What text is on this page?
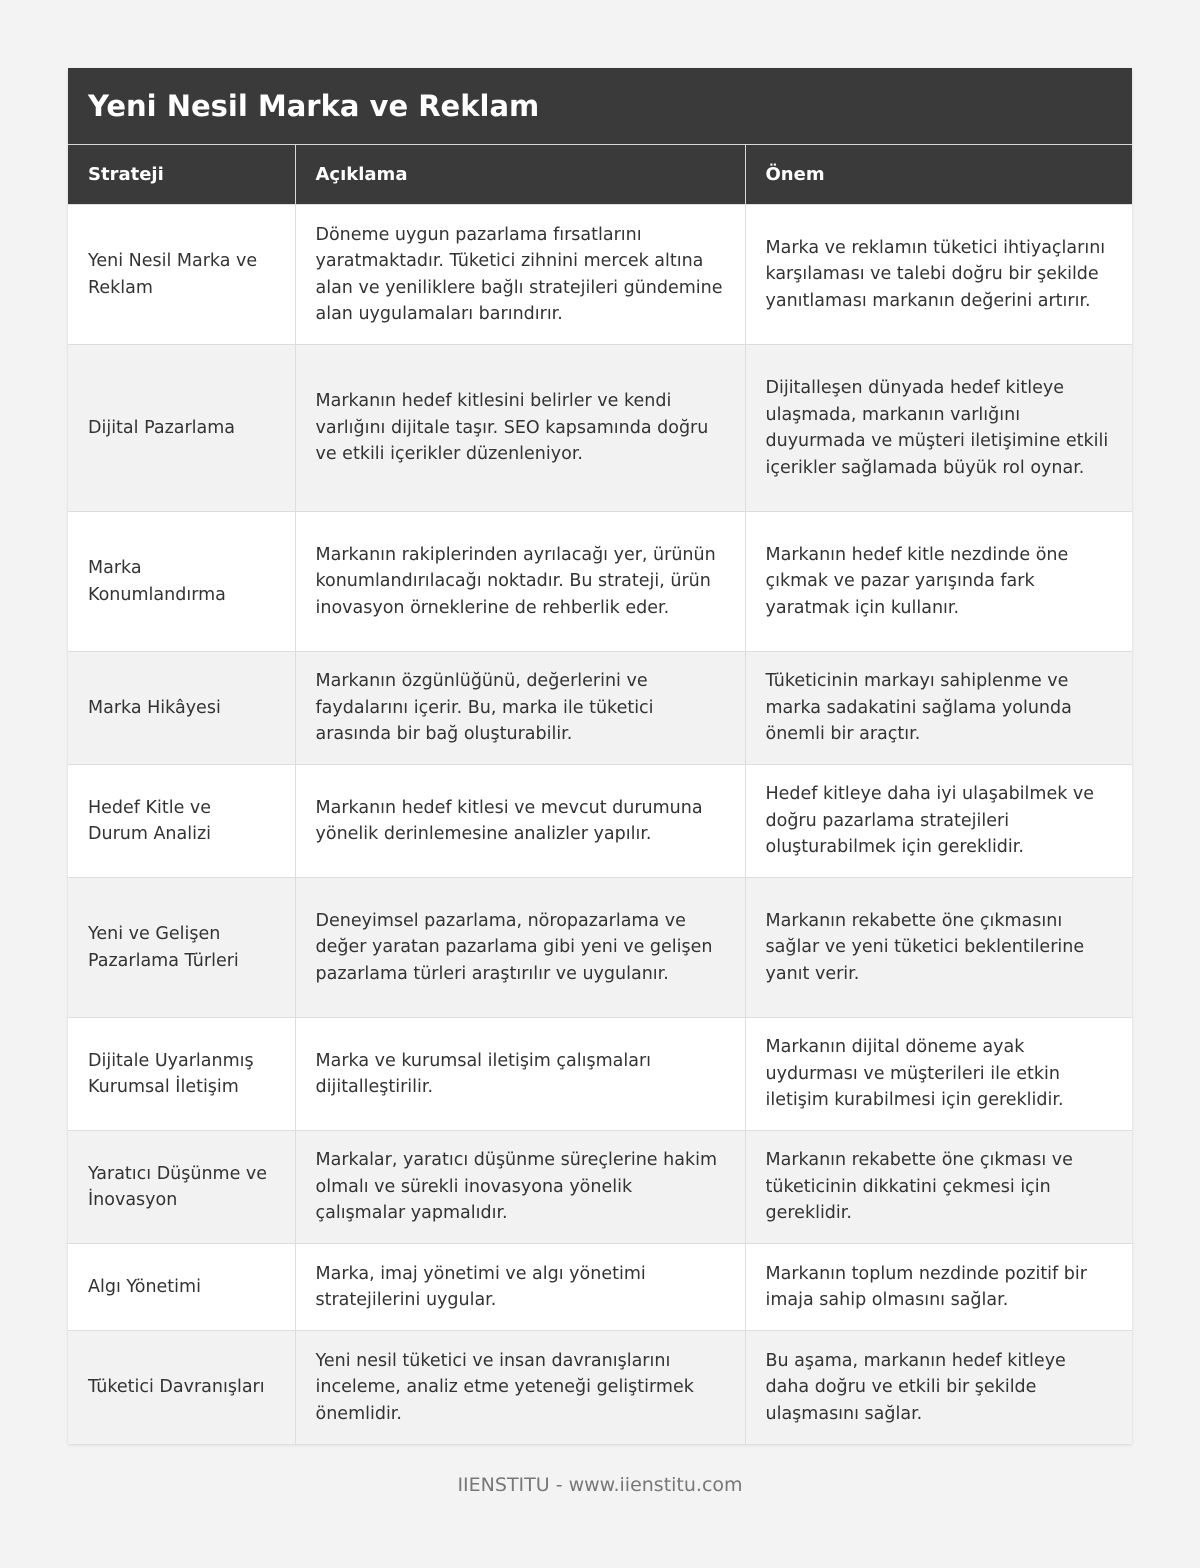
Yeni Nesil Marka ve Reklam
Strateji	Açıklama	Önem
Yeni Nesil Marka ve Reklam	Döneme uygun pazarlama fırsatlarını yaratmaktadır. Tüketici zihnini mercek altına alan ve yeniliklere bağlı stratejileri gündemine alan uygulamaları barındırır.	Marka ve reklamın tüketici ihtiyaçlarını karşılaması ve talebi doğru bir şekilde yanıtlaması markanın değerini artırır.
Dijital Pazarlama	Markanın hedef kitlesini belirler ve kendi varlığını dijitale taşır. SEO kapsamında doğru ve etkili içerikler düzenleniyor.	Dijitalleşen dünyada hedef kitleye ulaşmada, markanın varlığını duyurmada ve müşteri iletişimine etkili içerikler sağlamada büyük rol oynar.
Marka Konumlandırma	Markanın rakiplerinden ayrılacağı yer, ürünün konumlandırılacağı noktadır. Bu strateji, ürün inovasyon örneklerine de rehberlik eder.	Markanın hedef kitle nezdinde öne çıkmak ve pazar yarışında fark yaratmak için kullanır.
Marka Hikâyesi	Markanın özgünlüğünü, değerlerini ve faydalarını içerir. Bu, marka ile tüketici arasında bir bağ oluşturabilir.	Tüketicinin markayı sahiplenme ve marka sadakatini sağlama yolunda önemli bir araçtır.
Hedef Kitle ve Durum Analizi	Markanın hedef kitlesi ve mevcut durumuna yönelik derinlemesine analizler yapılır.	Hedef kitleye daha iyi ulaşabilmek ve doğru pazarlama stratejileri oluşturabilmek için gereklidir.
Yeni ve Gelişen Pazarlama Türleri	Deneyimsel pazarlama, nöropazarlama ve değer yaratan pazarlama gibi yeni ve gelişen pazarlama türleri araştırılır ve uygulanır.	Markanın rekabette öne çıkmasını sağlar ve yeni tüketici beklentilerine yanıt verir.
Dijitale Uyarlanmış Kurumsal İletişim	Marka ve kurumsal iletişim çalışmaları dijitalleştirilir.	Markanın dijital döneme ayak uydurması ve müşterileri ile etkin iletişim kurabilmesi için gereklidir.
Yaratıcı Düşünme ve İnovasyon	Markalar, yaratıcı düşünme süreçlerine hakim olmalı ve sürekli inovasyona yönelik çalışmalar yapmalıdır.	Markanın rekabette öne çıkması ve tüketicinin dikkatini çekmesi için gereklidir.
Algı Yönetimi	Marka, imaj yönetimi ve algı yönetimi stratejilerini uygular.	Markanın toplum nezdinde pozitif bir imaja sahip olmasını sağlar.
Tüketici Davranışları	Yeni nesil tüketici ve insan davranışlarını inceleme, analiz etme yeteneği geliştirmek önemlidir.	Bu aşama, markanın hedef kitleye daha doğru ve etkili bir şekilde ulaşmasını sağlar.
IIENSTITU - www.iienstitu.com
